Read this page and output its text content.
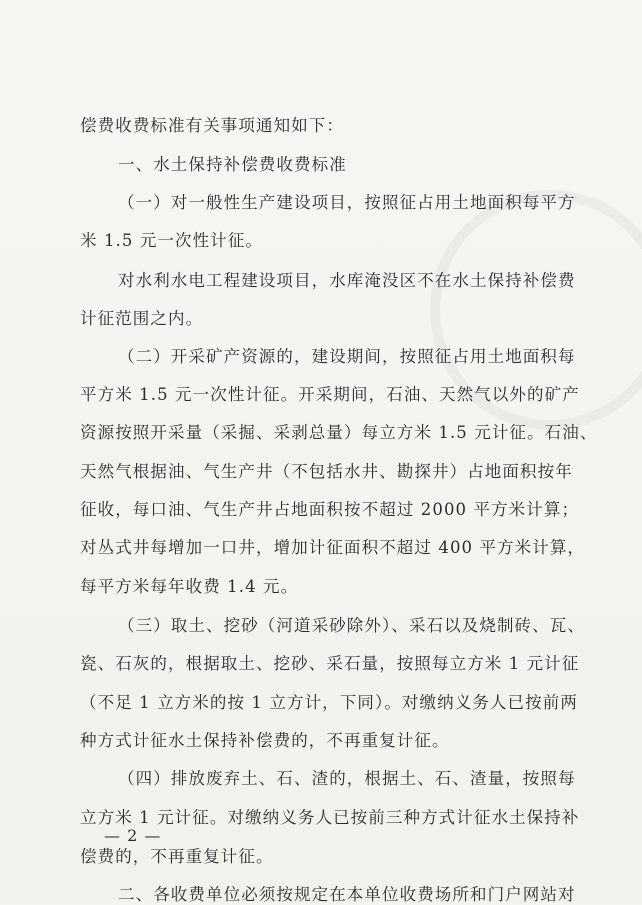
偿费收费标准有关事项通知如下：
一、水土保持补偿费收费标准
（一）对一般性生产建设项目，按照征占用土地面积每平方
米 1.5 元一次性计征。
对水利水电工程建设项目，水库淹没区不在水土保持补偿费
计征范围之内。
（二）开采矿产资源的，建设期间，按照征占用土地面积每
平方米 1.5 元一次性计征。开采期间，石油、天然气以外的矿产
资源按照开采量（采掘、采剥总量）每立方米 1.5 元计征。石油、
天然气根据油、气生产井（不包括水井、勘探井）占地面积按年
征收，每口油、气生产井占地面积按不超过 2000 平方米计算；
对丛式井每增加一口井，增加计征面积不超过 400 平方米计算，
每平方米每年收费 1.4 元。
（三）取土、挖砂（河道采砂除外）、采石以及烧制砖、瓦、
瓷、石灰的，根据取土、挖砂、采石量，按照每立方米 1 元计征
（不足 1 立方米的按 1 立方计，下同）。对缴纳义务人已按前两
种方式计征水土保持补偿费的，不再重复计征。
（四）排放废弃土、石、渣的，根据土、石、渣量，按照每
立方米 1 元计征。对缴纳义务人已按前三种方式计征水土保持补
偿费的，不再重复计征。
二、各收费单位必须按规定在本单位收费场所和门户网站对
— 2 —
